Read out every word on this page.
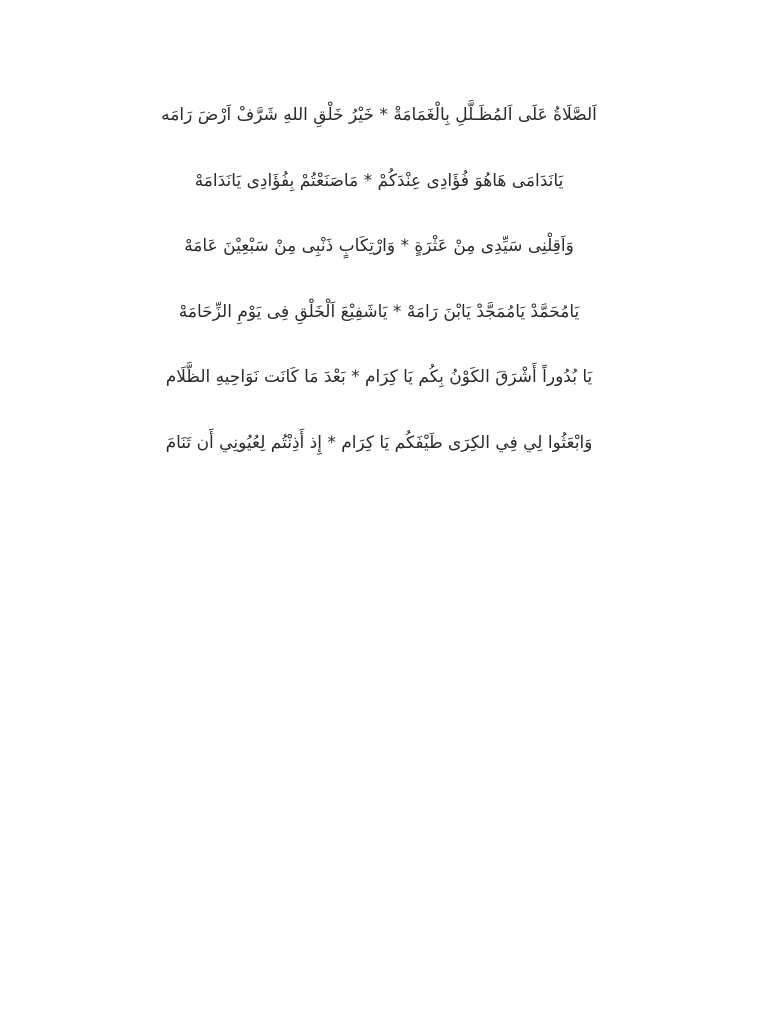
اَلصَّلَاةُ عَلَى اَلمُظَـلَّلِ بِالْغَمَامَةْ * خَيْرُ خَلْقِ اللهِ شَرَّفْ اَرْضَ رَامَه

يَانَدَامَى هَاهُوَ فُؤَادِى عِنْدَكُمْ * مَاصَنَعْتُمْ بِفُؤَادِى يَانَدَامَهْ

وَاَقِلْنِى سَيِّدِى مِنْ عَثْرَةٍ * وَارْتِكَابٍ ذَنْبِى مِنْ سَبْعِيْنَ عَامَهْ

يَامُحَمَّدْ يَامُمَجَّدْ يَابْنَ رَامَهْ * يَاشَفِيْعَ اَلْخَلْقِ فِى يَوْمِ الزِّحَامَهْ

يَا بُدُوراً أَشْرَقَ الكَوْنُ بِكُم يَا كِرَام * بَعْدَ مَا كَانَت نَوَاحِيهِ الظَّلَام

وَابْعَثُوا لِي فِي الكِرَى طَيْفَكُم يَا كِرَام * إِذ أَذِنْتُم لِعُيُونِي أَن تَنَامَ
